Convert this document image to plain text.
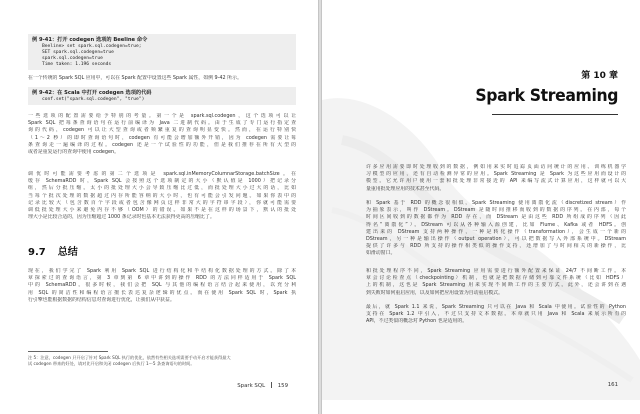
例 9-41：打开 codegen 选项的 Beeline 命令
Beeline> set spark.sql.codegen=true;
SET spark.sql.codegen=true
spark.sql.codegen=true
Time taken: 1.196 seconds
在一个传统的 Spark SQL 应用中，可以在 Spark 配置中设置这些 Spark 属性，如例 9-42 所示。
例 9-42：在 Scala 中打开 codegen 选项的代码
conf.set("spark.sql.codegen", "true")
一些选项的配置需要给予特别的考量。第一个是 spark.sql.codegen，这个选项可以让
Spark SQL 把每条查询语句在运行前编译为 Java 二进制代码。由于生成了专门运行指定查
询的代码，codegen 可以让大型查询或者频繁重复的查询明显变快。然而，在运行特别快
（1～2 秒）的即时查询语句时，codegen 有可能会增加额外开销，因为 codegen 需要让每
条查询走一遍编译的过程。codegen 还是一个试验性的功能，但是我们推荐在所有大型的
或者是重复运行的查询中使用 codegen。
调优时可能需要考虑的第二个选项是 spark.sql.inMemoryColumnarStorage.batchSize。在
缓存 SchemaRDD 时，Spark SQL 会按照这个选项制定的大小（默认值是 1000）把记录分
组，然后分批压缩。太小的批处理大小会导致压缩比过低，而批处理大小过大的话，比如
当每个批次处理的数据超过内存所能容纳的大小时，也有可能会引发问题。如果你表中的
记录比较大（包含数百个字段或者包含像网页这样非常大的字符串字段），你就可能需要
调低批处理大小来避免内存不够（OOM）的错误。如果不是在这样的场景下，默认的批处
理大小是比较合适的，因为压缩超过 1000 条记录时也基本无法获得更高的压缩比了。
9.7 总结
现在，我们学完了 Spark 利用 Spark SQL 进行结构化和半结构化数据处理的方式。除了本
章探索过的查询语言，第 3 章到第 6 章中讲到的操作 RDD 的方法同样适用于 Spark SQL
中的 SchemaRDD。很多时候，我们会把 SQL 与其他的编程语言结合起来使用，以充分利
用 SQL 的简洁性和编程语言擅长表达复杂逻辑的优点。而在使用 Spark SQL 时，Spark 执
行引擎也能根据数据的结构信息对查询进行优化，让我们从中获益。
注 5：注意，codegen 只开启了针对 Spark SQL 执行的优化，依然有些相关选项需要手动开启才能获得最大
试 codegen 带来的好处，请对比开启和关闭 codegen 后执行 1～5 条查询语句的时间。
Spark SQL 159
第 10 章
Spark Streaming
许多应用需要即时处理收到的数据，例如用来实时追踪页面访问统计的应用、训练机器学
习模型的应用，还有自动检测异常的应用。Spark Streaming 是 Spark 为这些应用而设计的
模型。它允许用户使用一套和批处理非常接近的 API 来编写流式计算应用，这样就可以大
量重用批处理应用的技术甚至代码。
和 Spark 基于 RDD 的概念很相似，Spark Streaming 使用离散化流（discretized stream）作
为抽象表示，叫作 DStream。DStream 是随时间推移而收到的数据的序列。在内部，每个
时间区间收到的数据都作为 RDD 存在，而 DStream 是由这些 RDD 所组成的序列（因此
得名“离散化”）。DStream 可以从各种输入源创建，比如 Flume、Kafka 或者 HDFS。创
建出来的 DStream 支持两种操作，一种是转化操作（transformation），会生成一个新的
DStream，另一种是输出操作（output operation），可以把数据写入外部系统中。DStream
提供了许多与 RDD 所支持的操作相类似的操作支持，还增加了与时间相关的新操作，比
如滑动窗口。
和批处理程序不同，Spark Streaming 应用需要进行额外配置来保证 24/7 不间断工作。本
章会讨论检查点（checkpointing）机制，也就是把数据存储到可靠文件系统（比如 HDFS）
上的机制，这也是 Spark Streaming 用来实现不间断工作的主要方式。此外，还会讲到在遇
到失败时如何重启应用，以及如何把应用设置为自动重启模式。
最后，就 Spark 1.1 来说，Spark Streaming 只可以在 Java 和 Scala 中使用。试验性的 Python
支持在 Spark 1.2 中引入，不过只支持文本数据。本章就只用 Java 和 Scala 来展示所有的
API，不过类似的概念对 Python 也是适用的。
161
